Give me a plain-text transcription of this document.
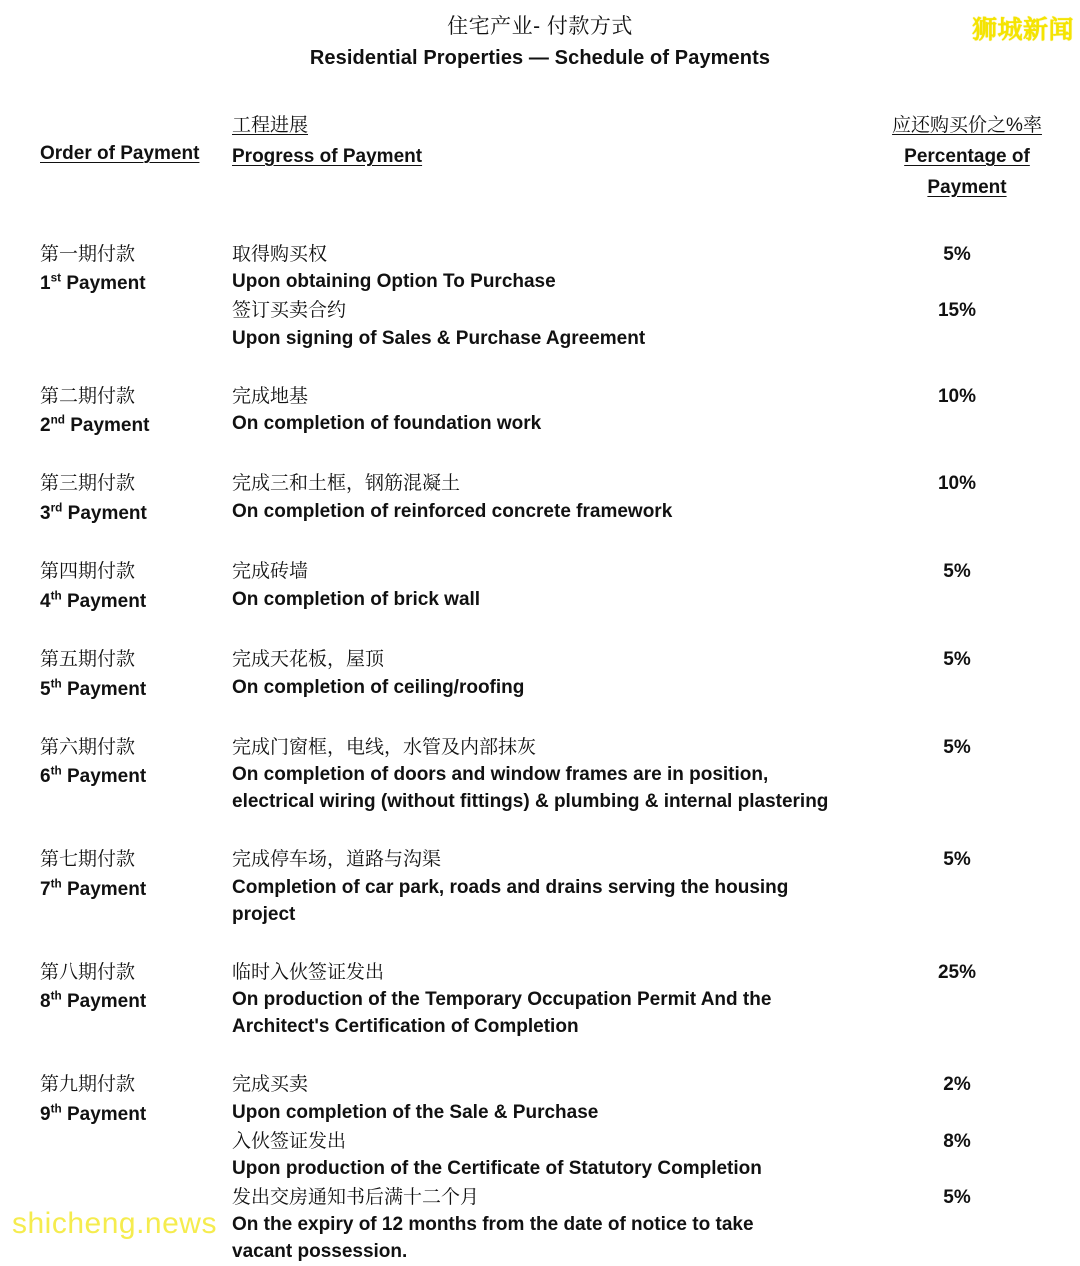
住宅产业- 付款方式
Residential Properties — Schedule of Payments
Order of Payment
工程进展
Progress of Payment
应还购买价之%率
Percentage of Payment
第一期付款
1st Payment
取得购买权	5%
Upon obtaining Option To Purchase
签订买卖合约	15%
Upon signing of Sales & Purchase Agreement
第二期付款
2nd Payment
完成地基	10%
On completion of foundation work
第三期付款
3rd Payment
完成三和土框，钢筋混凝土	10%
On completion of reinforced concrete framework
第四期付款
4th Payment
完成砖墙	5%
On completion of brick wall
第五期付款
5th Payment
完成天花板，屋顶	5%
On completion of ceiling/roofing
第六期付款
6th Payment
完成门窗框，电线，水管及内部抹灰	5%
On completion of doors and window frames are in position, electrical wiring (without fittings) & plumbing & internal plastering
第七期付款
7th Payment
完成停车场，道路与沟渠	5%
Completion of car park, roads and drains serving the housing project
第八期付款
8th Payment
临时入伙签证发出	25%
On production of the Temporary Occupation Permit And the Architect's Certification of Completion
第九期付款
9th Payment
完成买卖	2%
Upon completion of the Sale & Purchase
入伙签证发出	8%
Upon production of the Certificate of Statutory Completion
发出交房通知书后满十二个月	5%
On the expiry of 12 months from the date of notice to take vacant possession.
狮城新闻
shicheng.news
